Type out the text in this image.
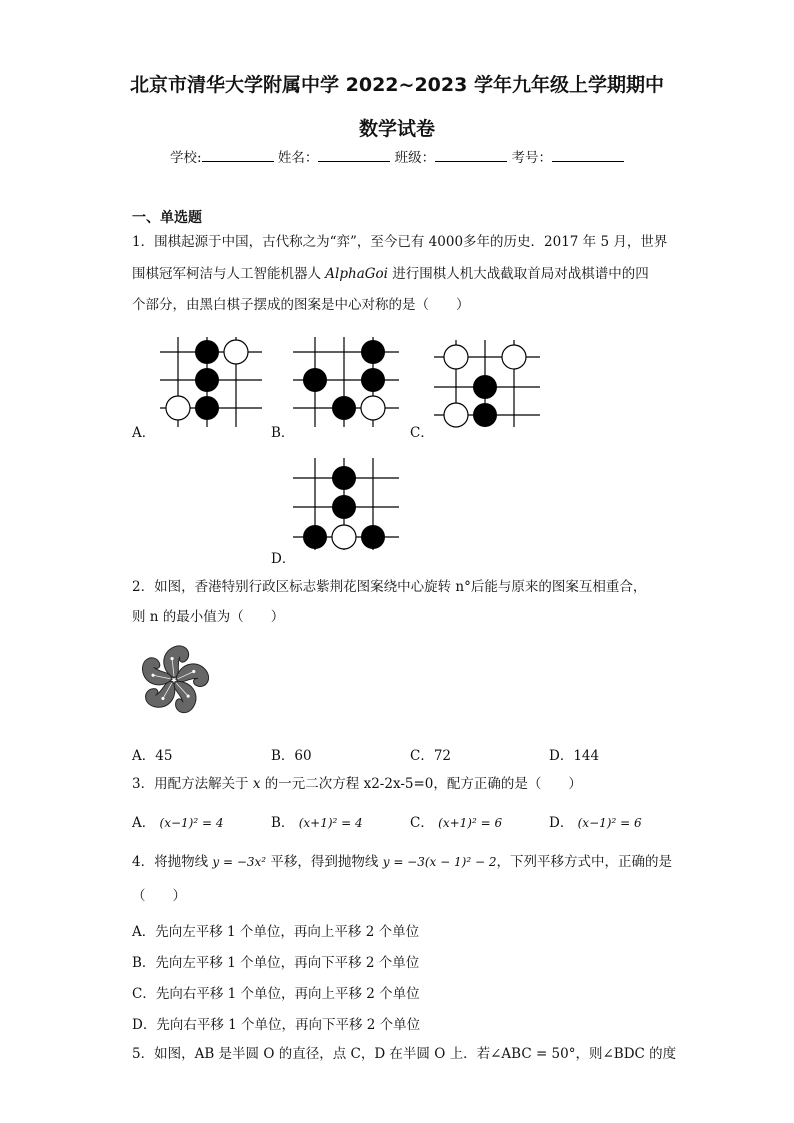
北京市清华大学附属中学 2022~2023 学年九年级上学期期中
数学试卷
学校:	姓名：	班级：	考号：
一、单选题
1．围棋起源于中国，古代称之为“弈”，至今已有 4000多年的历史．2017 年 5 月，世界
围棋冠军柯洁与人工智能机器人 AlphaGoi 进行围棋人机大战截取首局对战棋谱中的四
个部分，由黑白棋子摆成的图案是中心对称的是（　　）
A．	B．	C．
D．
2．如图，香港特别行政区标志紫荆花图案绕中心旋转 n°后能与原来的图案互相重合，
则 n 的最小值为（　　）
A．45	B．60	C．72	D．144
3．用配方法解关于 x 的一元二次方程 x2-2x-5=0，配方正确的是（　　）
A． (x−1)² = 4	B． (x+1)² = 4	C． (x+1)² = 6	D． (x−1)² = 6
4．将抛物线 y = −3x² 平移，得到抛物线 y = −3(x − 1)² − 2，下列平移方式中，正确的是
（　　）
A．先向左平移 1 个单位，再向上平移 2 个单位
B．先向左平移 1 个单位，再向下平移 2 个单位
C．先向右平移 1 个单位，再向上平移 2 个单位
D．先向右平移 1 个单位，再向下平移 2 个单位
5．如图，AB 是半圆 O 的直径，点 C，D 在半圆 O 上．若∠ABC = 50°，则∠BDC 的度
